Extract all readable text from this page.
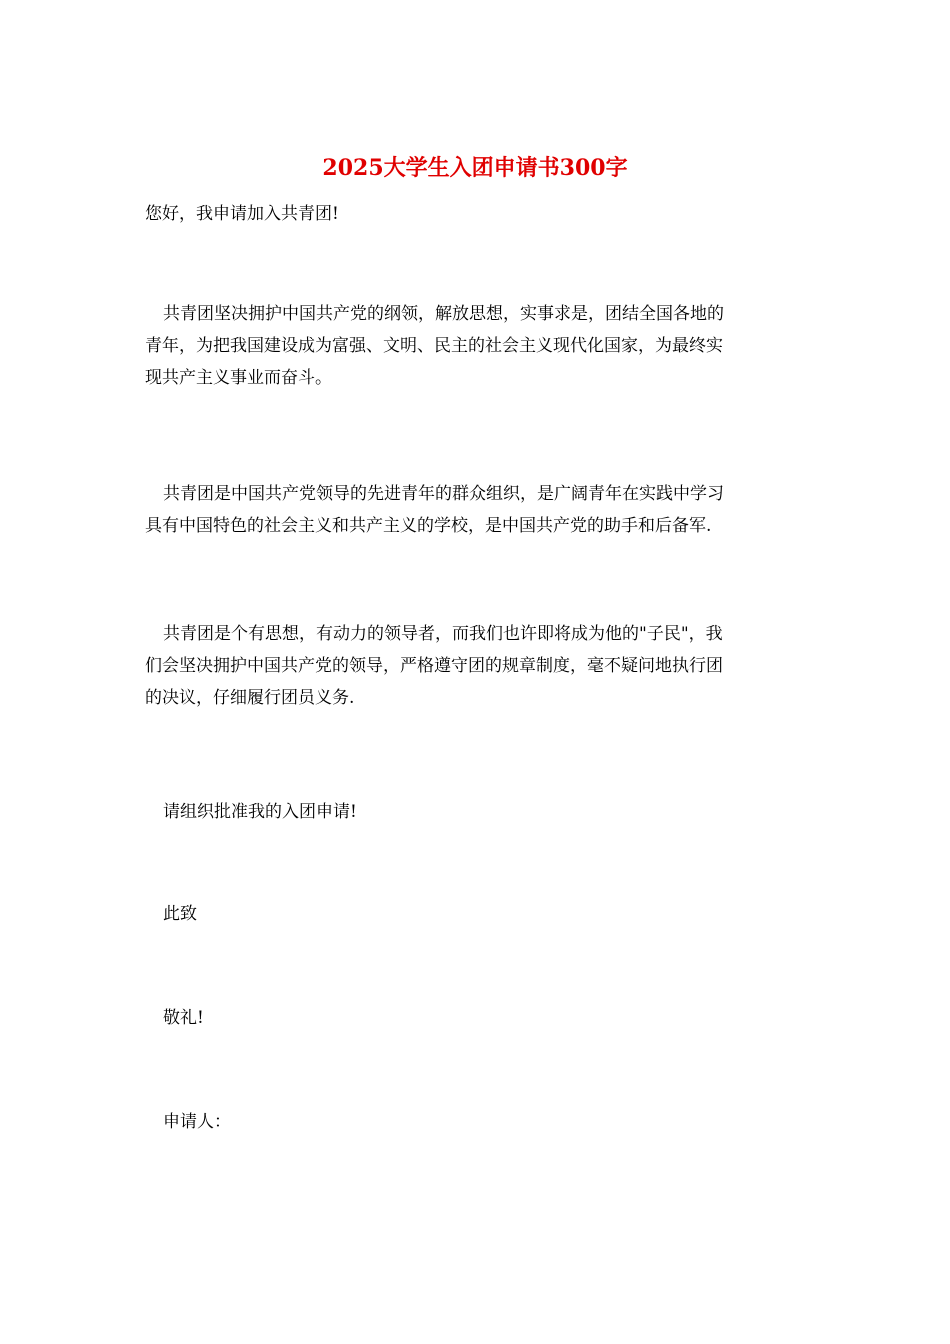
2025大学生入团申请书300字

您好，我申请加入共青团!

共青团坚决拥护中国共产党的纲领，解放思想，实事求是，团结全国各地的
青年，为把我国建设成为富强、文明、民主的社会主义现代化国家，为最终实
现共产主义事业而奋斗。
共青团是中国共产党领导的先进青年的群众组织，是广阔青年在实践中学习
具有中国特色的社会主义和共产主义的学校，是中国共产党的助手和后备军.
共青团是个有思想，有动力的领导者，而我们也许即将成为他的"子民"，我
们会坚决拥护中国共产党的领导，严格遵守团的规章制度，毫不疑问地执行团
的决议，仔细履行团员义务.

请组织批准我的入团申请!

此致

敬礼!

申请人：
